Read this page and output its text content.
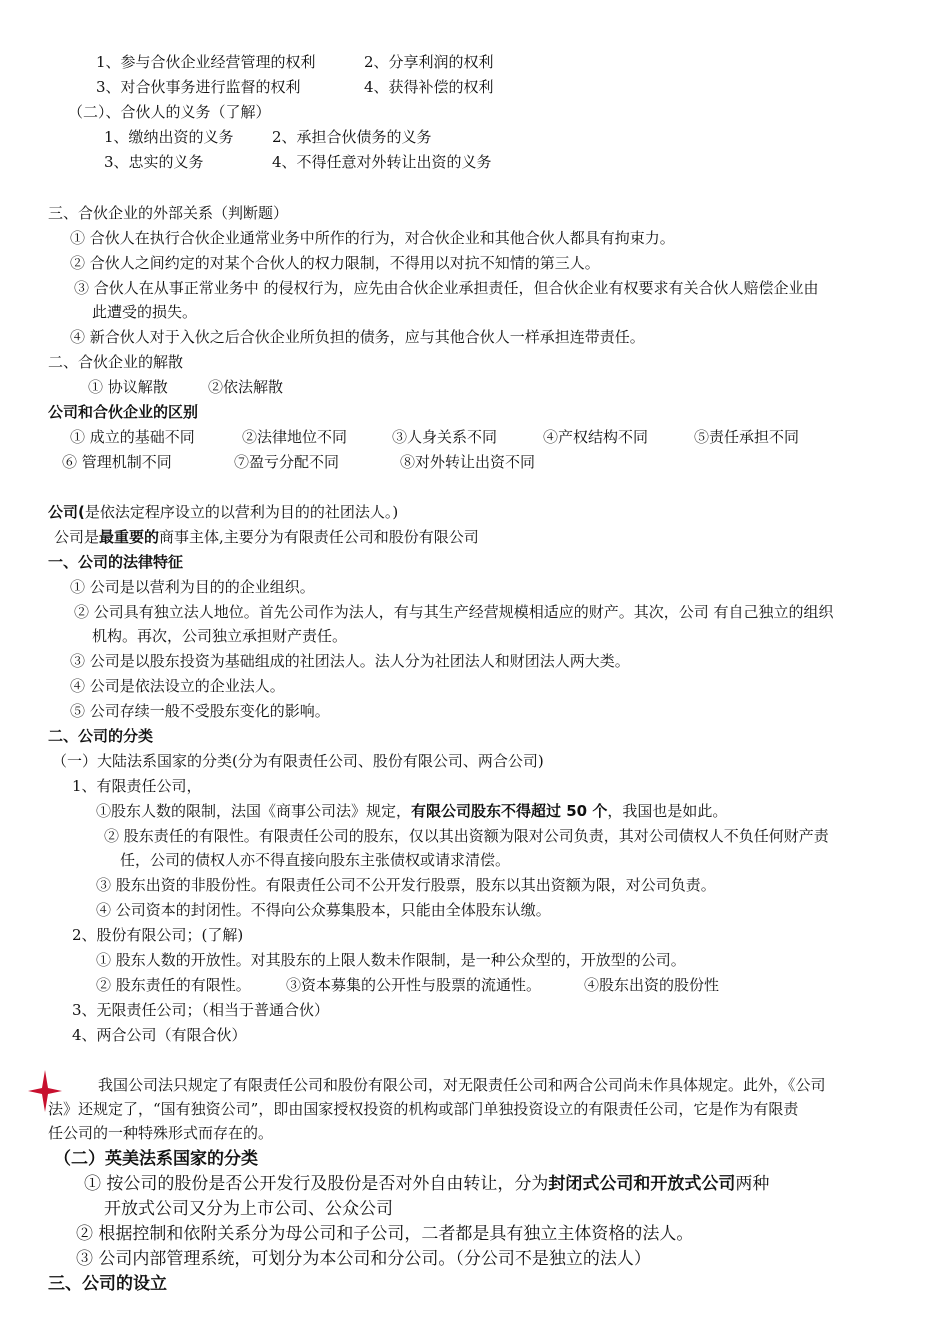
1、参与合伙企业经营管理的权利	2、分享利润的权利
3、对合伙事务进行监督的权利	4、获得补偿的权利
（二）、合伙人的义务（了解）
1、缴纳出资的义务	2、承担合伙债务的义务
3、忠实的义务	4、不得任意对外转让出资的义务
三、合伙企业的外部关系（判断题）
① 合伙人在执行合伙企业通常业务中所作的行为，对合伙企业和其他合伙人都具有拘束力。
② 合伙人之间约定的对某个合伙人的权力限制，不得用以对抗不知情的第三人。
③ 合伙人在从事正常业务中 的侵权行为，应先由合伙企业承担责任，但合伙企业有权要求有关合伙人赔偿企业由
此遭受的损失。
④ 新合伙人对于入伙之后合伙企业所负担的债务，应与其他合伙人一样承担连带责任。
二、合伙企业的解散
① 协议解散	②依法解散
公司和合伙企业的区别
① 成立的基础不同	②法律地位不同	③人身关系不同	④产权结构不同	⑤责任承担不同
⑥ 管理机制不同	⑦盈亏分配不同	⑧对外转让出资不同
公司(是依法定程序设立的以营利为目的的社团法人。)
公司是最重要的商事主体,主要分为有限责任公司和股份有限公司
一、公司的法律特征
① 公司是以营利为目的的企业组织。
② 公司具有独立法人地位。首先公司作为法人，有与其生产经营规模相适应的财产。其次，公司 有自己独立的组织
机构。再次，公司独立承担财产责任。
③ 公司是以股东投资为基础组成的社团法人。法人分为社团法人和财团法人两大类。
④ 公司是依法设立的企业法人。
⑤ 公司存续一般不受股东变化的影响。
二、公司的分类
（一）大陆法系国家的分类(分为有限责任公司、股份有限公司、两合公司)
1、有限责任公司，
①股东人数的限制，法国《商事公司法》规定，有限公司股东不得超过 50 个，我国也是如此。
② 股东责任的有限性。有限责任公司的股东，仅以其出资额为限对公司负责，其对公司债权人不负任何财产责
任，公司的债权人亦不得直接向股东主张债权或请求清偿。
③ 股东出资的非股份性。有限责任公司不公开发行股票，股东以其出资额为限，对公司负责。
④ 公司资本的封闭性。不得向公众募集股本，只能由全体股东认缴。
2、股份有限公司；(了解)
① 股东人数的开放性。对其股东的上限人数未作限制，是一种公众型的，开放型的公司。
② 股东责任的有限性。 ③资本募集的公开性与股票的流通性。	④股东出资的股份性
3、无限责任公司；（相当于普通合伙）
4、两合公司（有限合伙）
我国公司法只规定了有限责任公司和股份有限公司，对无限责任公司和两合公司尚未作具体规定。此外，《公司
法》还规定了，“国有独资公司”，即由国家授权投资的机构或部门单独投资设立的有限责任公司，它是作为有限责
任公司的一种特殊形式而存在的。
（二）英美法系国家的分类
① 按公司的股份是否公开发行及股份是否对外自由转让，分为封闭式公司和开放式公司两种
开放式公司又分为上市公司、公众公司
② 根据控制和依附关系分为母公司和子公司，二者都是具有独立主体资格的法人。
③ 公司内部管理系统，可划分为本公司和分公司。（分公司不是独立的法人）
三、公司的设立
